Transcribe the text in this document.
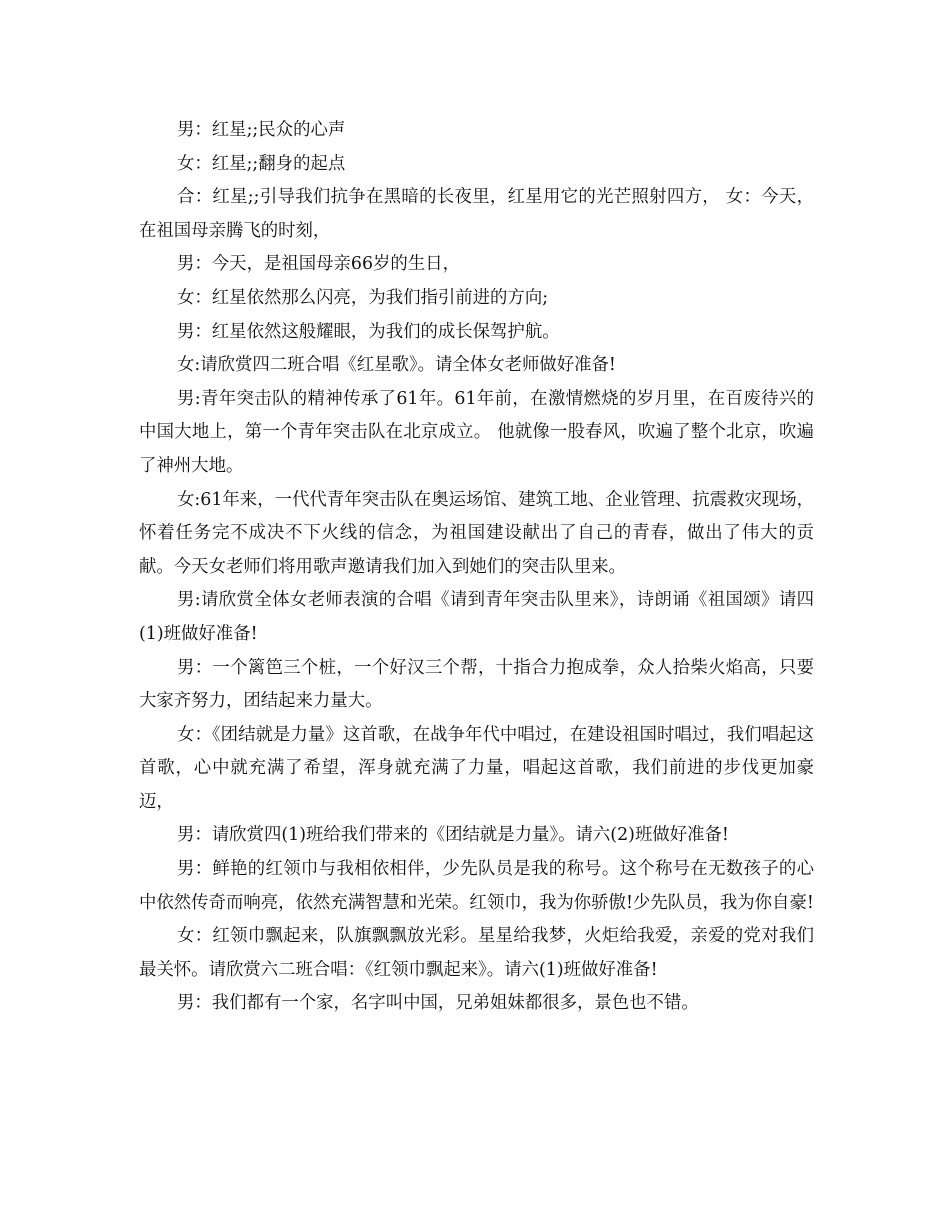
男：红星;;民众的心声

女：红星;;翻身的起点

合：红星;;引导我们抗争在黑暗的长夜里，红星用它的光芒照射四方， 女：今天，在祖国母亲腾飞的时刻，

男：今天，是祖国母亲66岁的生日，

女：红星依然那么闪亮，为我们指引前进的方向;

男：红星依然这般耀眼，为我们的成长保驾护航。

女:请欣赏四二班合唱《红星歌》。请全体女老师做好准备!

男:青年突击队的精神传承了61年。61年前，在激情燃烧的岁月里，在百废待兴的中国大地上，第一个青年突击队在北京成立。 他就像一股春风，吹遍了整个北京，吹遍了神州大地。

女:61年来，一代代青年突击队在奥运场馆、建筑工地、企业管理、抗震救灾现场，怀着任务完不成决不下火线的信念，为祖国建设献出了自己的青春，做出了伟大的贡献。今天女老师们将用歌声邀请我们加入到她们的突击队里来。

男:请欣赏全体女老师表演的合唱《请到青年突击队里来》，诗朗诵《祖国颂》请四(1)班做好准备!

男：一个篱笆三个桩，一个好汉三个帮，十指合力抱成拳，众人拾柴火焰高，只要大家齐努力，团结起来力量大。

女：《团结就是力量》这首歌，在战争年代中唱过，在建设祖国时唱过，我们唱起这首歌，心中就充满了希望，浑身就充满了力量，唱起这首歌，我们前进的步伐更加豪迈，

男：请欣赏四(1)班给我们带来的《团结就是力量》。请六(2)班做好准备!

男：鲜艳的红领巾与我相依相伴，少先队员是我的称号。这个称号在无数孩子的心中依然传奇而响亮，依然充满智慧和光荣。红领巾，我为你骄傲!少先队员，我为你自豪!

女：红领巾飘起来，队旗飘飘放光彩。星星给我梦，火炬给我爱，亲爱的党对我们最关怀。请欣赏六二班合唱：《红领巾飘起来》。请六(1)班做好准备!

男：我们都有一个家，名字叫中国，兄弟姐妹都很多，景色也不错。
